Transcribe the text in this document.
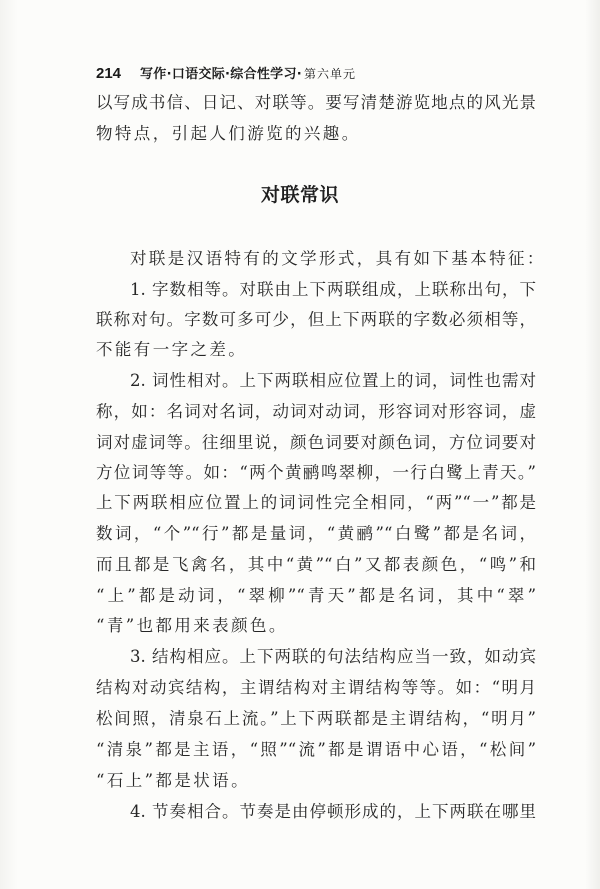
214	写作·口语交际·综合性学习· 第六单元
以写成书信、日记、对联等。要写清楚游览地点的风光景
物特点，引起人们游览的兴趣。
对联常识
对联是汉语特有的文学形式，具有如下基本特征：
1. 字数相等。对联由上下两联组成，上联称出句，下
联称对句。字数可多可少，但上下两联的字数必须相等，
不能有一字之差。
2. 词性相对。上下两联相应位置上的词，词性也需对
称，如：名词对名词，动词对动词，形容词对形容词，虚
词对虚词等。往细里说，颜色词要对颜色词，方位词要对
方位词等等。如：“两个黄鹂鸣翠柳，一行白鹭上青天。”
上下两联相应位置上的词词性完全相同，“两”“一”都是
数词，“个”“行”都是量词，“黄鹂”“白鹭”都是名词，
而且都是飞禽名，其中“黄”“白”又都表颜色，“鸣”和
“上”都是动词，“翠柳”“青天”都是名词，其中“翠”
“青”也都用来表颜色。
3. 结构相应。上下两联的句法结构应当一致，如动宾
结构对动宾结构，主谓结构对主谓结构等等。如：“明月
松间照，清泉石上流。”上下两联都是主谓结构，“明月”
“清泉”都是主语，“照”“流”都是谓语中心语，“松间”
“石上”都是状语。
4. 节奏相合。节奏是由停顿形成的，上下两联在哪里
